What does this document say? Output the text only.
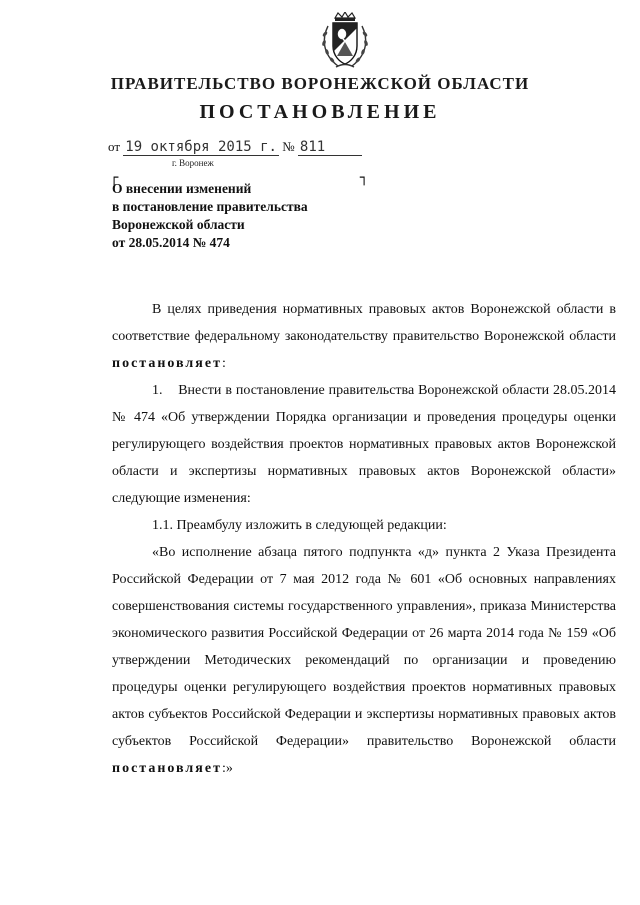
ПРАВИТЕЛЬСТВО ВОРОНЕЖСКОЙ ОБЛАСТИ
ПОСТАНОВЛЕНИЕ
от 19 октября 2015 г. № 811
г. Воронеж
┌	┐
О внесении изменений
в постановление правительства
Воронежской области
от 28.05.2014 № 474

В целях приведения нормативных правовых актов Воронежской области в соответствие федеральному законодательству правительство Воронежской области постановляет:

1. Внести в постановление правительства Воронежской области 28.05.2014 № 474 «Об утверждении Порядка организации и проведения процедуры оценки регулирующего воздействия проектов нормативных правовых актов Воронежской области и экспертизы нормативных правовых актов Воронежской области» следующие изменения:

1.1. Преамбулу изложить в следующей редакции:

«Во исполнение абзаца пятого подпункта «д» пункта 2 Указа Президента Российской Федерации от 7 мая 2012 года № 601 «Об основных направлениях совершенствования системы государственного управления», приказа Министерства экономического развития Российской Федерации от 26 марта 2014 года № 159 «Об утверждении Методических рекомендаций по организации и проведению процедуры оценки регулирующего воздействия проектов нормативных правовых актов субъектов Российской Федерации и экспертизы нормативных правовых актов субъектов Российской Федерации» правительство Воронежской области постановляет:»
